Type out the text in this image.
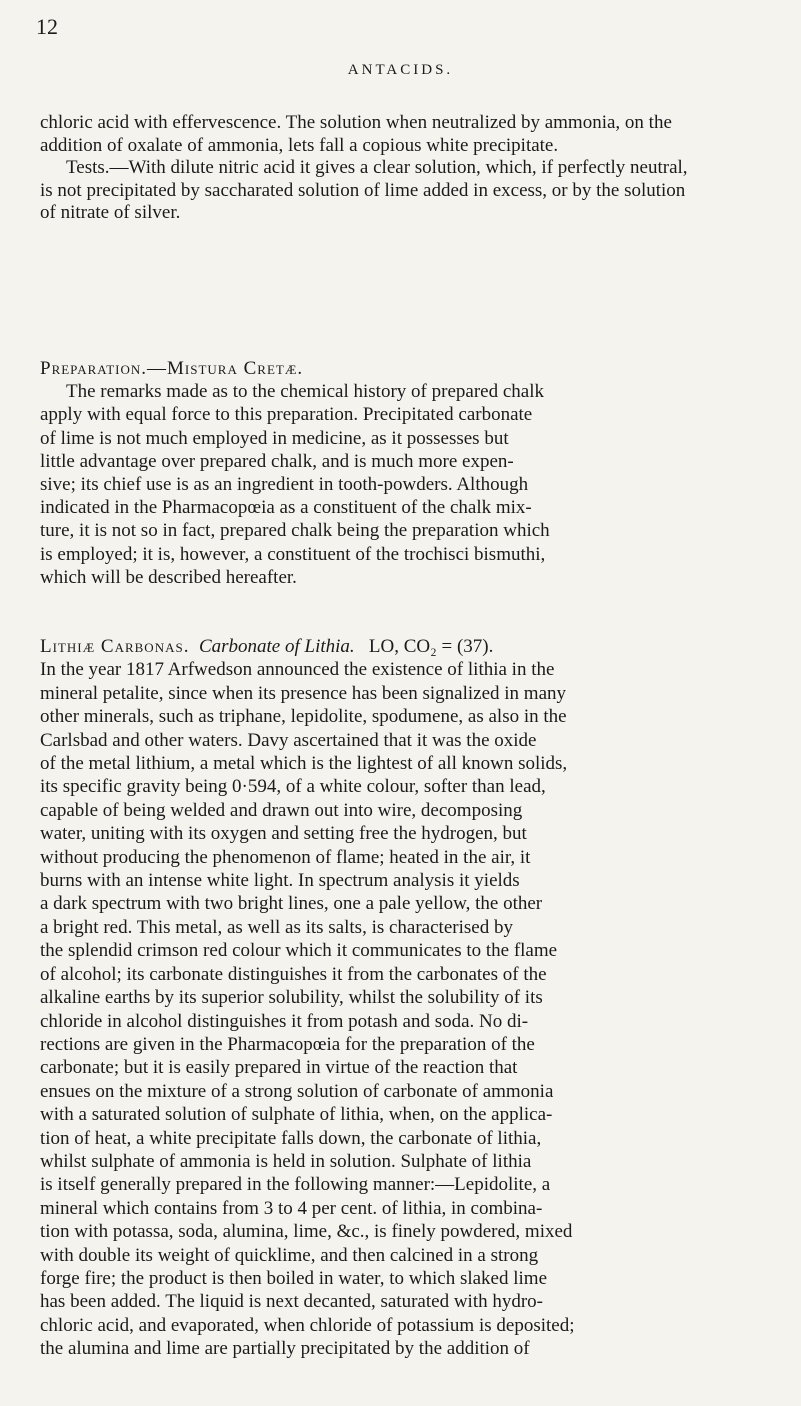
12
ANTACIDS.
chloric acid with effervescence. The solution when neutralized by ammonia, on the
addition of oxalate of ammonia, lets fall a copious white precipitate.
Tests.—With dilute nitric acid it gives a clear solution, which, if perfectly neutral,
is not precipitated by saccharated solution of lime added in excess, or by the solution
of nitrate of silver.
Preparation.—Mistura Cretæ.
The remarks made as to the chemical history of prepared chalk
apply with equal force to this preparation. Precipitated carbonate
of lime is not much employed in medicine, as it possesses but
little advantage over prepared chalk, and is much more expen-
sive; its chief use is as an ingredient in tooth-powders. Although
indicated in the Pharmacopœia as a constituent of the chalk mix-
ture, it is not so in fact, prepared chalk being the preparation which
is employed; it is, however, a constituent of the trochisci bismuthi,
which will be described hereafter.
Lithiæ Carbonas. Carbonate of Lithia. LO, CO₂ = (37).
In the year 1817 Arfwedson announced the existence of lithia in the
mineral petalite, since when its presence has been signalized in many
other minerals, such as triphane, lepidolite, spodumene, as also in the
Carlsbad and other waters. Davy ascertained that it was the oxide
of the metal lithium, a metal which is the lightest of all known solids,
its specific gravity being 0·594, of a white colour, softer than lead,
capable of being welded and drawn out into wire, decomposing
water, uniting with its oxygen and setting free the hydrogen, but
without producing the phenomenon of flame; heated in the air, it
burns with an intense white light. In spectrum analysis it yields
a dark spectrum with two bright lines, one a pale yellow, the other
a bright red. This metal, as well as its salts, is characterised by
the splendid crimson red colour which it communicates to the flame
of alcohol; its carbonate distinguishes it from the carbonates of the
alkaline earths by its superior solubility, whilst the solubility of its
chloride in alcohol distinguishes it from potash and soda. No di-
rections are given in the Pharmacopœia for the preparation of the
carbonate; but it is easily prepared in virtue of the reaction that
ensues on the mixture of a strong solution of carbonate of ammonia
with a saturated solution of sulphate of lithia, when, on the applica-
tion of heat, a white precipitate falls down, the carbonate of lithia,
whilst sulphate of ammonia is held in solution. Sulphate of lithia
is itself generally prepared in the following manner:—Lepidolite, a
mineral which contains from 3 to 4 per cent. of lithia, in combina-
tion with potassa, soda, alumina, lime, &c., is finely powdered, mixed
with double its weight of quicklime, and then calcined in a strong
forge fire; the product is then boiled in water, to which slaked lime
has been added. The liquid is next decanted, saturated with hydro-
chloric acid, and evaporated, when chloride of potassium is deposited;
the alumina and lime are partially precipitated by the addition of
